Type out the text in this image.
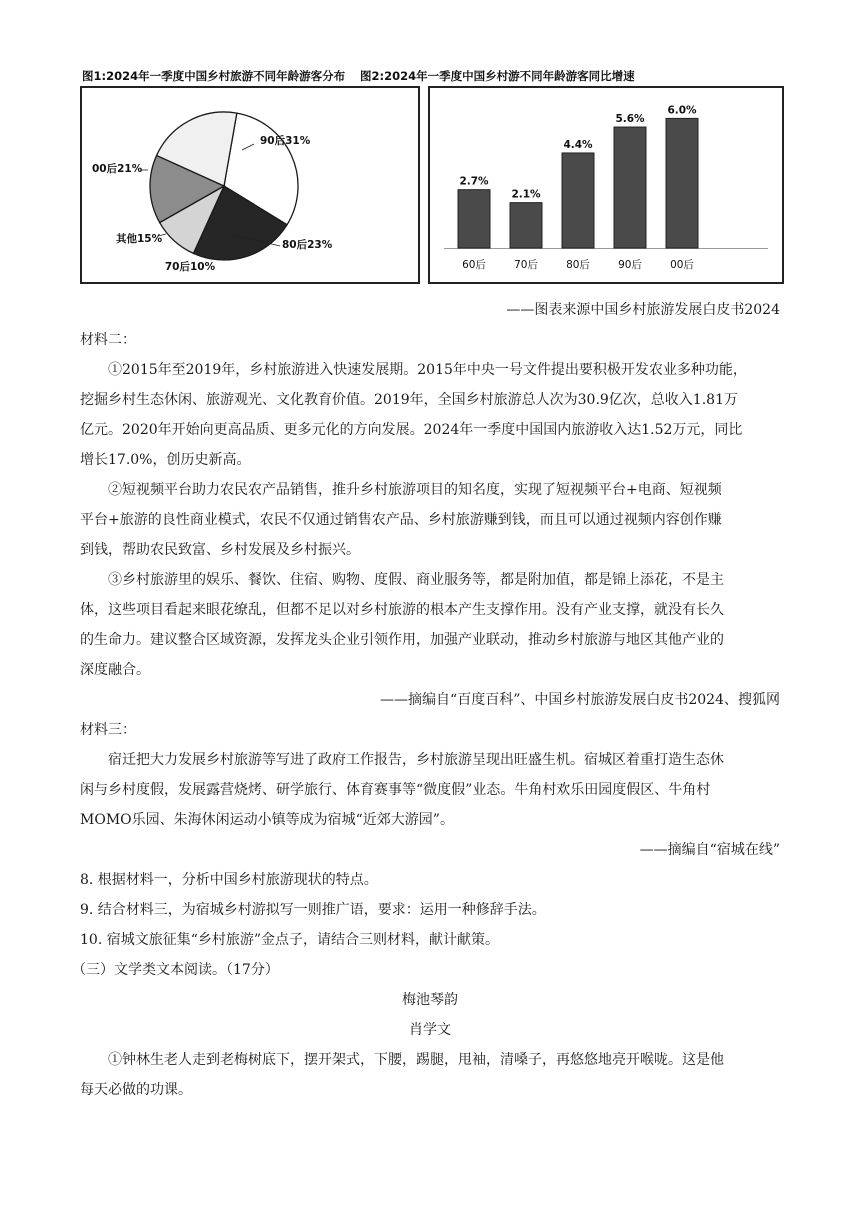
图1:2024年一季度中国乡村旅游不同年龄游客分布
90后31%
80后23%
70后10%
其他15%
00后21%
图2:2024年一季度中国乡村游不同年龄游客同比增速
2.7%
60后
2.1%
70后
4.4%
80后
5.6%
90后
6.0%
00后
——图表来源中国乡村旅游发展白皮书2024
材料二：
①2015年至2019年，乡村旅游进入快速发展期。2015年中央一号文件提出要积极开发农业多种功能，
挖掘乡村生态休闲、旅游观光、文化教育价值。2019年，全国乡村旅游总人次为30.9亿次，总收入1.81万
亿元。2020年开始向更高品质、更多元化的方向发展。2024年一季度中国国内旅游收入达1.52万元，同比
增长17.0%，创历史新高。
②短视频平台助力农民农产品销售，推升乡村旅游项目的知名度，实现了短视频平台+电商、短视频
平台+旅游的良性商业模式，农民不仅通过销售农产品、乡村旅游赚到钱，而且可以通过视频内容创作赚
到钱，帮助农民致富、乡村发展及乡村振兴。
③乡村旅游里的娱乐、餐饮、住宿、购物、度假、商业服务等，都是附加值，都是锦上添花，不是主
体，这些项目看起来眼花缭乱，但都不足以对乡村旅游的根本产生支撑作用。没有产业支撑，就没有长久
的生命力。建议整合区域资源，发挥龙头企业引领作用，加强产业联动，推动乡村旅游与地区其他产业的
深度融合。
——摘编自“百度百科”、中国乡村旅游发展白皮书2024、搜狐网
材料三：
宿迁把大力发展乡村旅游等写进了政府工作报告，乡村旅游呈现出旺盛生机。宿城区着重打造生态休
闲与乡村度假，发展露营烧烤、研学旅行、体育赛事等“微度假”业态。牛角村欢乐田园度假区、牛角村
MOMO乐园、朱海休闲运动小镇等成为宿城“近郊大游园”。
——摘编自“宿城在线”
8. 根据材料一，分析中国乡村旅游现状的特点。
9. 结合材料三，为宿城乡村游拟写一则推广语，要求：运用一种修辞手法。
10. 宿城文旅征集“乡村旅游”金点子，请结合三则材料，献计献策。
（三）文学类文本阅读。（17分）
梅池琴韵
肖学文
①钟林生老人走到老梅树底下，摆开架式，下腰，踢腿，甩袖，清嗓子，再悠悠地亮开喉咙。这是他
每天必做的功课。
